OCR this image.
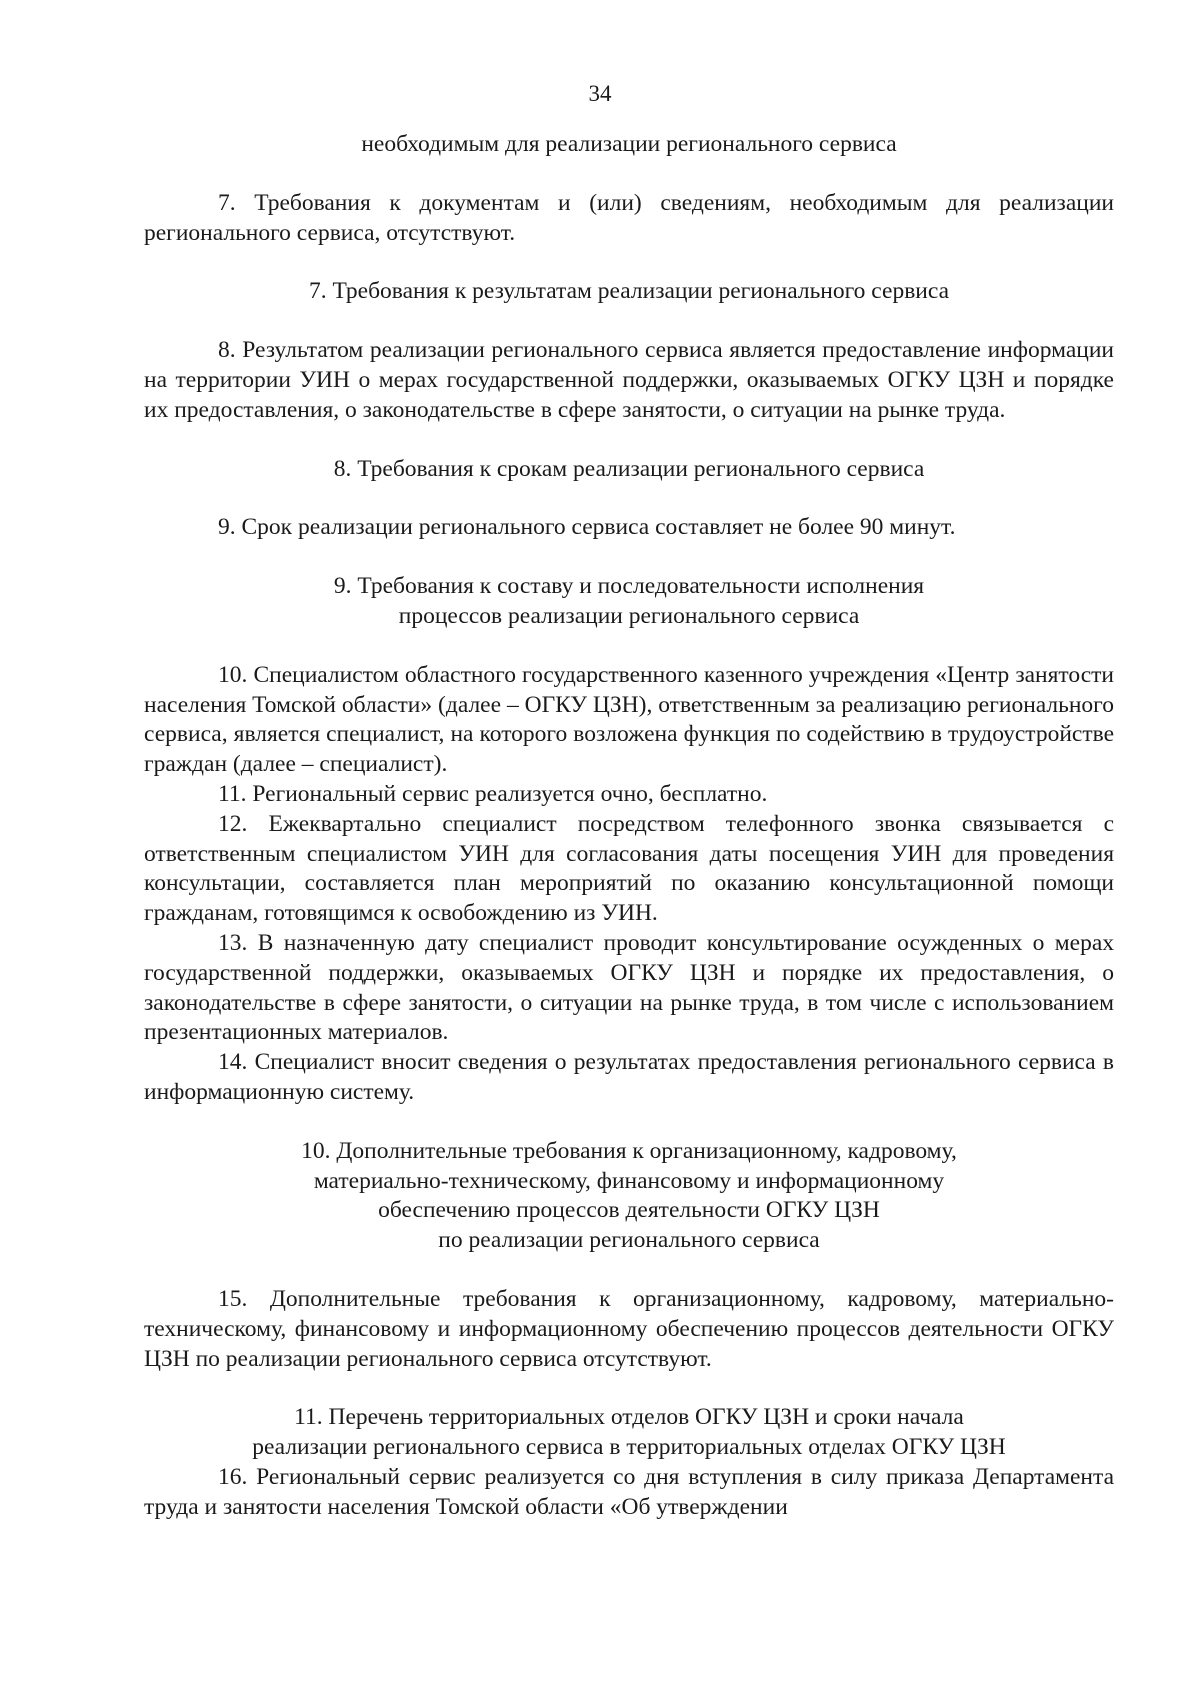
34
необходимым для реализации регионального сервиса

7. Требования к документам и (или) сведениям, необходимым для реализации регионального сервиса, отсутствуют.

7. Требования к результатам реализации регионального сервиса

8. Результатом реализации регионального сервиса является предоставление информации на территории УИН о мерах государственной поддержки, оказываемых ОГКУ ЦЗН и порядке их предоставления, о законодательстве в сфере занятости, о ситуации на рынке труда.

8. Требования к срокам реализации регионального сервиса

9. Срок реализации регионального сервиса составляет не более 90 минут.

9. Требования к составу и последовательности исполнения
процессов реализации регионального сервиса

10. Специалистом областного государственного казенного учреждения «Центр занятости населения Томской области» (далее – ОГКУ ЦЗН), ответственным за реализацию регионального сервиса, является специалист, на которого возложена функция по содействию в трудоустройстве граждан (далее – специалист).

11. Региональный сервис реализуется очно, бесплатно.

12. Ежеквартально специалист посредством телефонного звонка связывается с ответственным специалистом УИН для согласования даты посещения УИН для проведения консультации, составляется план мероприятий по оказанию консультационной помощи гражданам, готовящимся к освобождению из УИН.

13. В назначенную дату специалист проводит консультирование осужденных о мерах государственной поддержки, оказываемых ОГКУ ЦЗН и порядке их предоставления, о законодательстве в сфере занятости, о ситуации на рынке труда, в том числе с использованием презентационных материалов.

14. Специалист вносит сведения о результатах предоставления регионального сервиса в информационную систему.

10. Дополнительные требования к организационному, кадровому,
материально-техническому, финансовому и информационному
обеспечению процессов деятельности ОГКУ ЦЗН
по реализации регионального сервиса

15. Дополнительные требования к организационному, кадровому, материально-техническому, финансовому и информационному обеспечению процессов деятельности ОГКУ ЦЗН по реализации регионального сервиса отсутствуют.

11. Перечень территориальных отделов ОГКУ ЦЗН и сроки начала
реализации регионального сервиса в территориальных отделах ОГКУ ЦЗН

16. Региональный сервис реализуется со дня вступления в силу приказа Департамента труда и занятости населения Томской области «Об утверждении
